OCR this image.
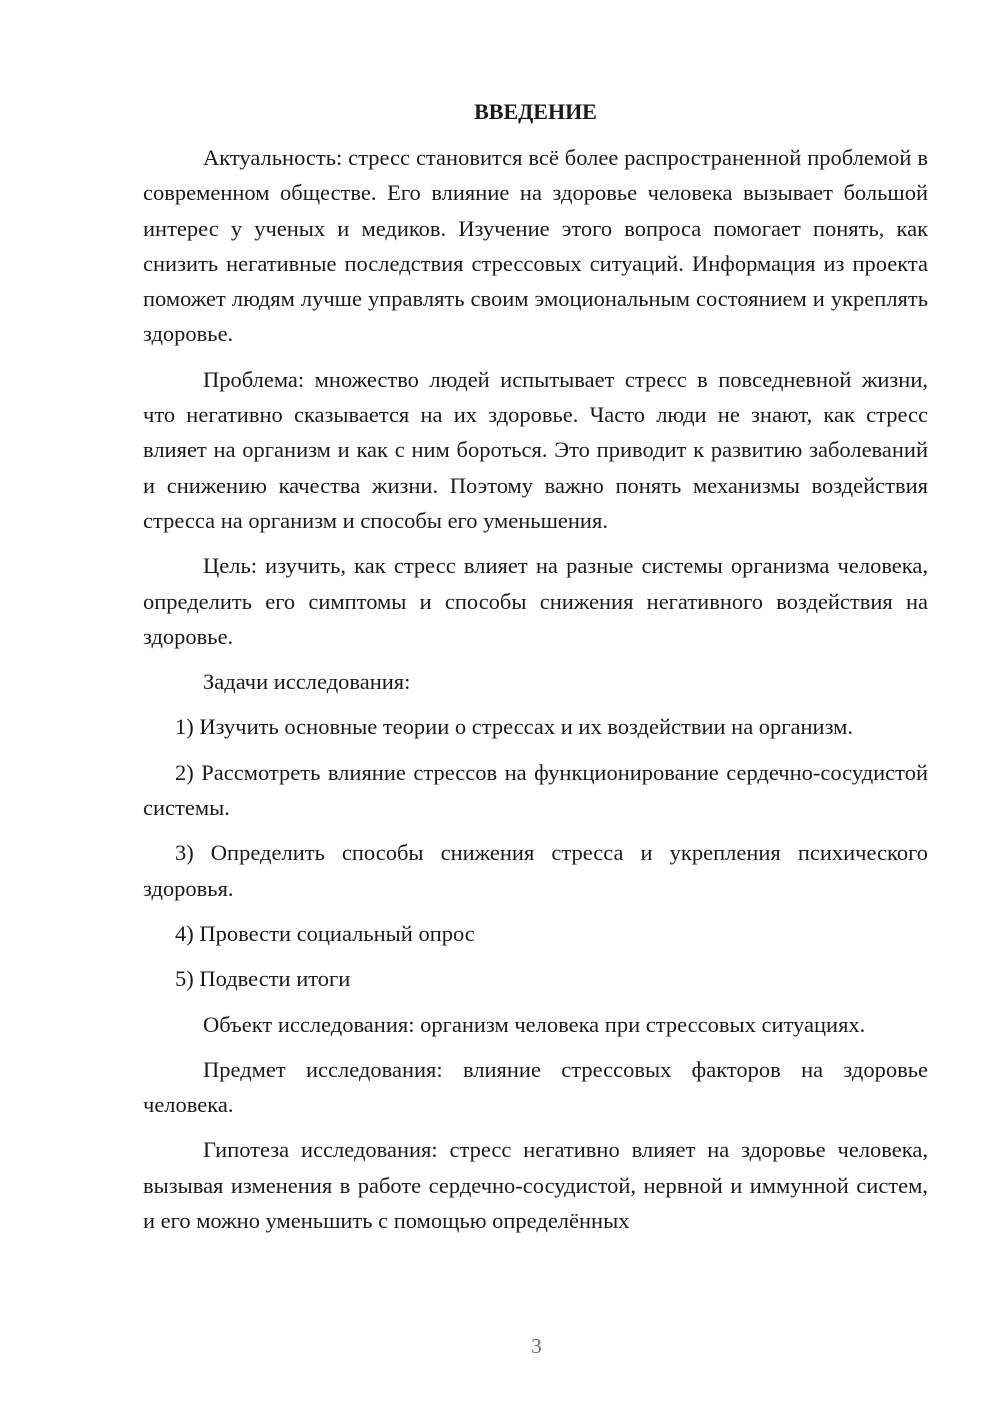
ВВЕДЕНИЕ

Актуальность: стресс становится всё более распространенной проблемой в современном обществе. Его влияние на здоровье человека вызывает большой интерес у ученых и медиков. Изучение этого вопроса помогает понять, как снизить негативные последствия стрессовых ситуаций. Информация из проекта поможет людям лучше управлять своим эмоциональным состоянием и укреплять здоровье.

Проблема: множество людей испытывает стресс в повседневной жизни, что негативно сказывается на их здоровье. Часто люди не знают, как стресс влияет на организм и как с ним бороться. Это приводит к развитию заболеваний и снижению качества жизни. Поэтому важно понять механизмы воздействия стресса на организм и способы его уменьшения.

Цель: изучить, как стресс влияет на разные системы организма человека, определить его симптомы и способы снижения негативного воздействия на здоровье.

Задачи исследования:

1) Изучить основные теории о стрессах и их воздействии на организм.

2) Рассмотреть влияние стрессов на функционирование сердечно-сосудистой системы.

3) Определить способы снижения стресса и укрепления психического здоровья.

4) Провести социальный опрос

5) Подвести итоги

Объект исследования: организм человека при стрессовых ситуациях.

Предмет исследования: влияние стрессовых факторов на здоровье человека.

Гипотеза исследования: стресс негативно влияет на здоровье человека, вызывая изменения в работе сердечно-сосудистой, нервной и иммунной систем, и его можно уменьшить с помощью определённых

3
